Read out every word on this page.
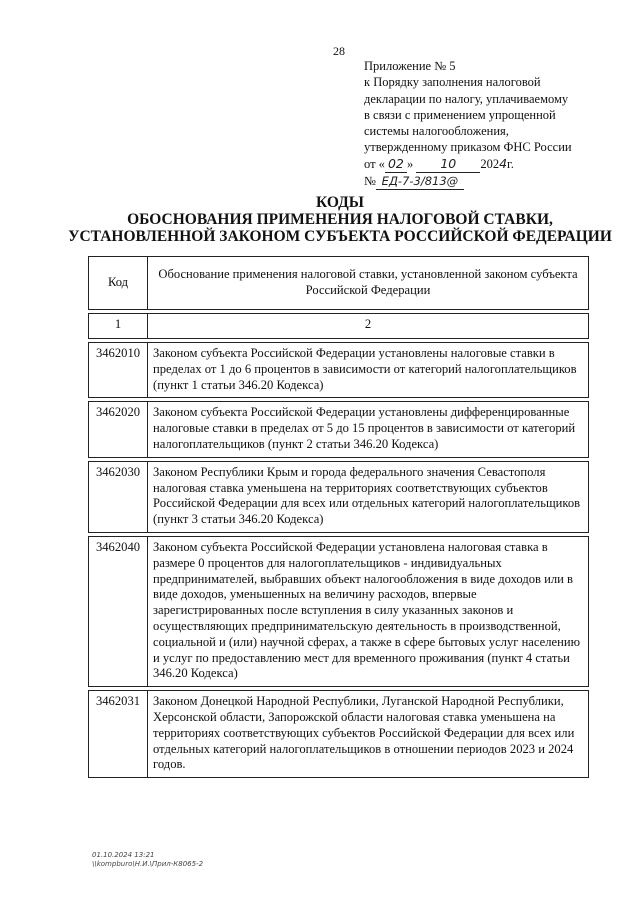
28
Приложение № 5
к Порядку заполнения налоговой
декларации по налогу, уплачиваемому
в связи с применением упрощенной
системы налогообложения,
утвержденному приказом ФНС России
от « 02 » 10 2024г.
№ ЕД-7-3/813@
КОДЫ
ОБОСНОВАНИЯ ПРИМЕНЕНИЯ НАЛОГОВОЙ СТАВКИ,
УСТАНОВЛЕННОЙ ЗАКОНОМ СУБЪЕКТА РОССИЙСКОЙ ФЕДЕРАЦИИ
Код	Обоснование применения налоговой ставки, установленной законом субъекта Российской Федерации

1	2

3462010	Законом субъекта Российской Федерации установлены налоговые ставки в пределах от 1 до 6 процентов в зависимости от категорий налогоплательщиков (пункт 1 статьи 346.20 Кодекса)

3462020	Законом субъекта Российской Федерации установлены дифференцированные налоговые ставки в пределах от 5 до 15 процентов в зависимости от категорий налогоплательщиков (пункт 2 статьи 346.20 Кодекса)

3462030	Законом Республики Крым и города федерального значения Севастополя налоговая ставка уменьшена на территориях соответствующих субъектов Российской Федерации для всех или отдельных категорий налогоплательщиков (пункт 3 статьи 346.20 Кодекса)

3462040	Законом субъекта Российской Федерации установлена налоговая ставка в размере 0 процентов для налогоплательщиков - индивидуальных предпринимателей, выбравших объект налогообложения в виде доходов или в виде доходов, уменьшенных на величину расходов, впервые зарегистрированных после вступления в силу указанных законов и осуществляющих предпринимательскую деятельность в производственной, социальной и (или) научной сферах, а также в сфере бытовых услуг населению и услуг по предоставлению мест для временного проживания (пункт 4 статьи 346.20 Кодекса)

3462031	Законом Донецкой Народной Республики, Луганской Народной Республики, Херсонской области, Запорожской области налоговая ставка уменьшена на территориях соответствующих субъектов Российской Федерации для всех или отдельных категорий налогоплательщиков в отношении периодов 2023 и 2024 годов.
01.10.2024 13:21
\\kompburo\Н.И.\Прил-К8065-2
